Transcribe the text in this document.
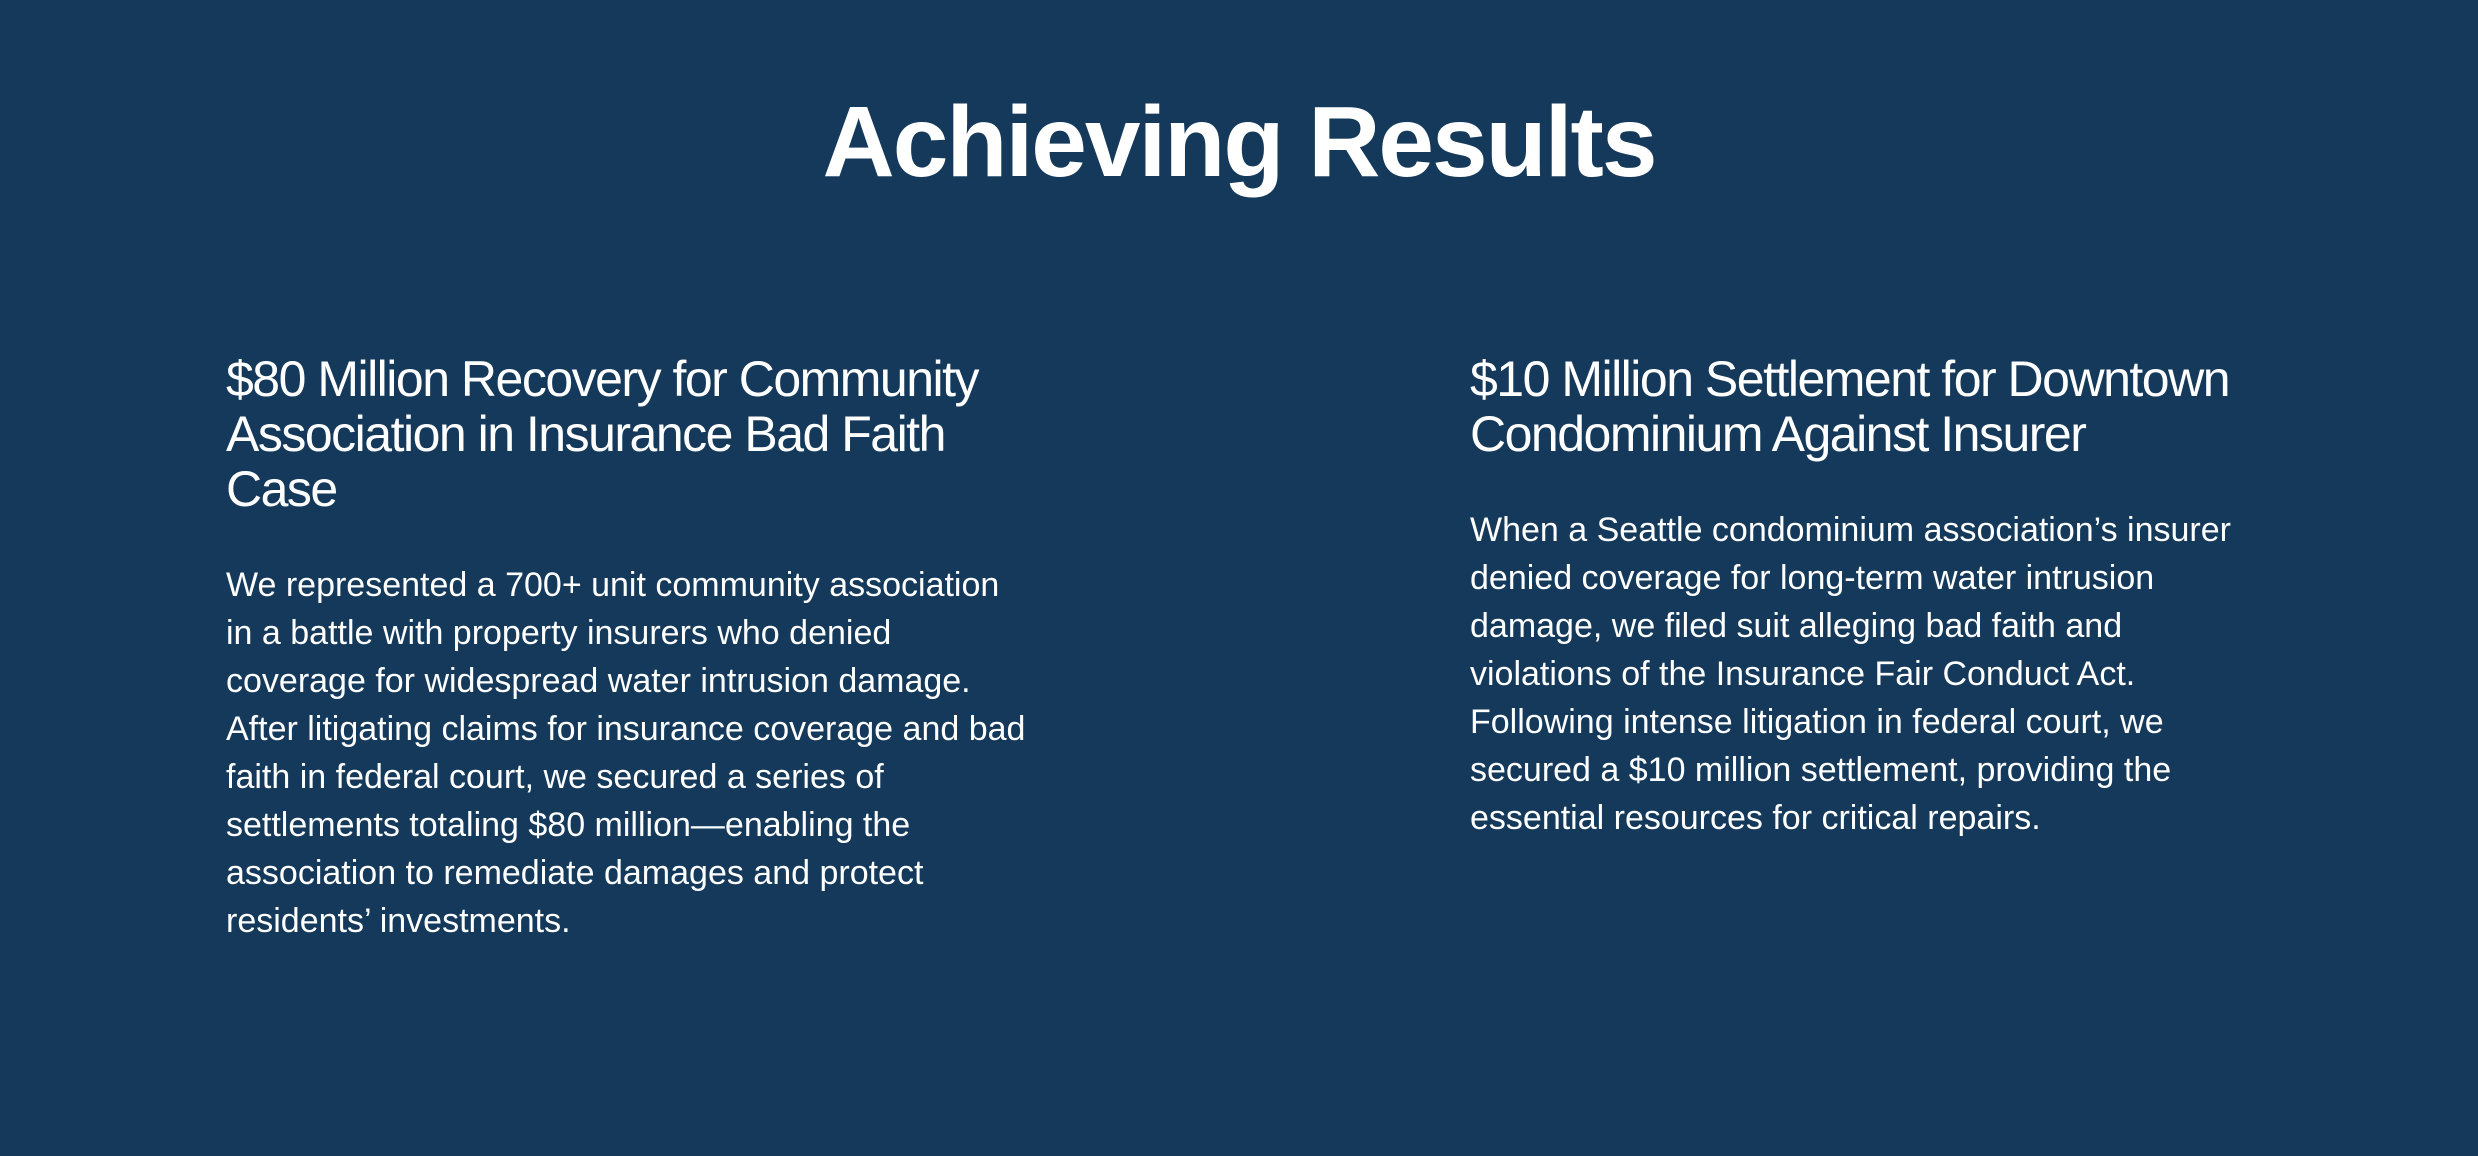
Achieving Results
$80 Million Recovery for Community Association in Insurance Bad Faith Case

We represented a 700+ unit community association in a battle with property insurers who denied coverage for widespread water intrusion damage. After litigating claims for insurance coverage and bad faith in federal court, we secured a series of settlements totaling $80 million—enabling the association to remediate damages and protect residents’ investments.

$10 Million Settlement for Downtown Condominium Against Insurer

When a Seattle condominium association’s insurer denied coverage for long-term water intrusion damage, we filed suit alleging bad faith and violations of the Insurance Fair Conduct Act. Following intense litigation in federal court, we secured a $10 million settlement, providing the essential resources for critical repairs.
